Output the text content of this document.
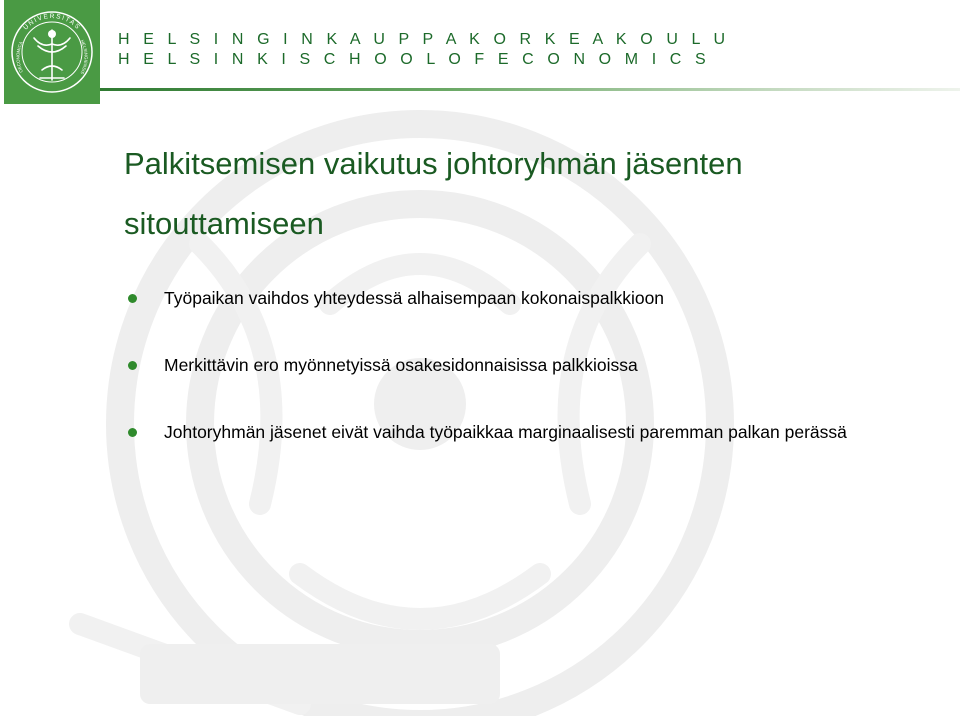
UNIVERSITAS
OECONOMICA	HELSINGIENSIS
H E L S I N G I N K A U P P A K O R K E A K O U L U
H E L S I N K I S C H O O L O F E C O N O M I C S
Palkitsemisen vaikutus johtoryhmän jäsenten sitouttamiseen
Työpaikan vaihdos yhteydessä alhaisempaan kokonaispalkkioon
Merkittävin ero myönnetyissä osakesidonnaisissa palkkioissa
Johtoryhmän jäsenet eivät vaihda työpaikkaa marginaalisesti paremman palkan perässä
